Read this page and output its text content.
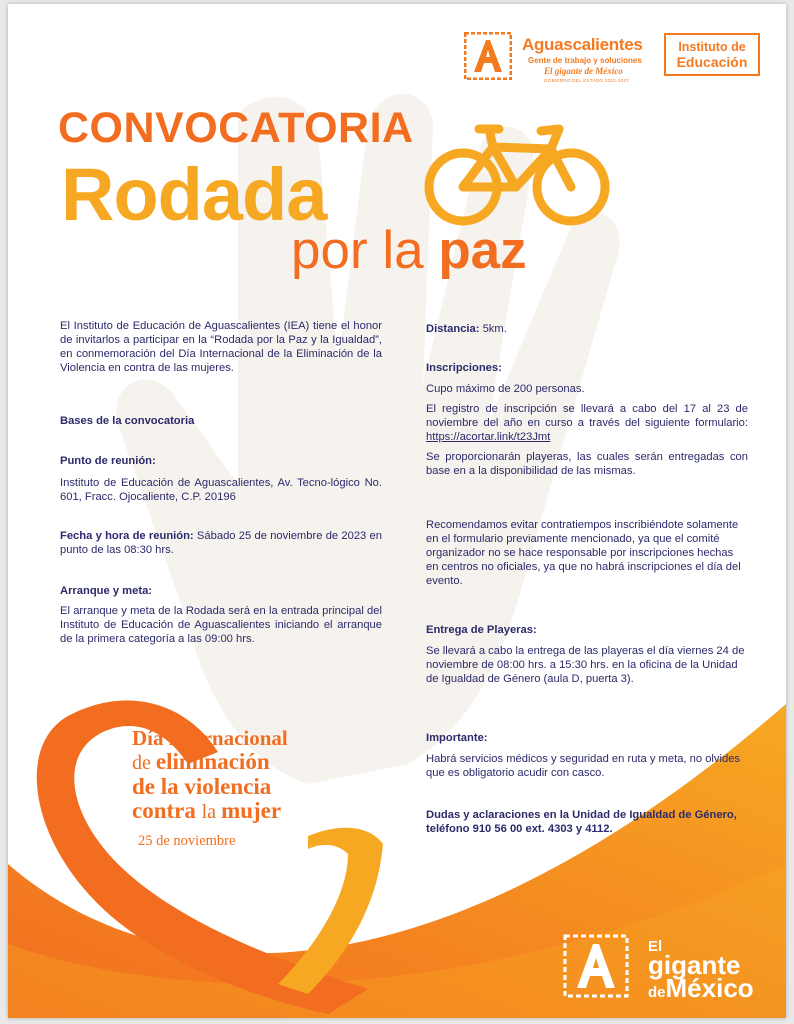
Aguascalientes
Gente de trabajo y soluciones
El gigante de México
GOBIERNO DEL ESTADO 2022-2027
Instituto de
Educación
CONVOCATORIA
Rodada
por la paz
El Instituto de Educación de Aguascalientes (IEA) tiene el honor de invitarlos a participar en la “Rodada por la Paz y la Igualdad”, en conmemoración del Día Internacional de la Eliminación de la Violencia en contra de las mujeres.
Bases de la convocatoria
Punto de reunión:
Instituto de Educación de Aguascalientes, Av. Tecno-lógico No. 601, Fracc. Ojocaliente, C.P. 20196
Fecha y hora de reunión: Sábado 25 de noviembre de 2023 en punto de las 08:30 hrs.
Arranque y meta:
El arranque y meta de la Rodada será en la entrada principal del Instituto de Educación de Aguascalientes iniciando el arranque de la primera categoría a las 09:00 hrs.
Distancia: 5km.
Inscripciones:
Cupo máximo de 200 personas.
El registro de inscripción se llevará a cabo del 17 al 23 de noviembre del año en curso a través del siguiente formulario: https://acortar.link/t23Jmt
Se proporcionarán playeras, las cuales serán entregadas con base en a la disponibilidad de las mismas.
Recomendamos evitar contratiempos inscribiéndote solamente en el formulario previamente mencionado, ya que el comité organizador no se hace responsable por inscripciones hechas en centros no oficiales, ya que no habrá inscripciones el día del evento.
Entrega de Playeras:
Se llevará a cabo la entrega de las playeras el día viernes 24 de noviembre de 08:00 hrs. a 15:30 hrs. en la oficina de la Unidad de Igualdad de Género (aula D, puerta 3).
Importante:
Habrá servicios médicos y seguridad en ruta y meta, no olvides que es obligatorio acudir con casco.
Dudas y aclaraciones en la Unidad de Igualdad de Género, teléfono 910 56 00 ext. 4303 y 4112.
Día internacional
de eliminación
de la violencia
contra la mujer
25 de noviembre
El
gigante
deMéxico
